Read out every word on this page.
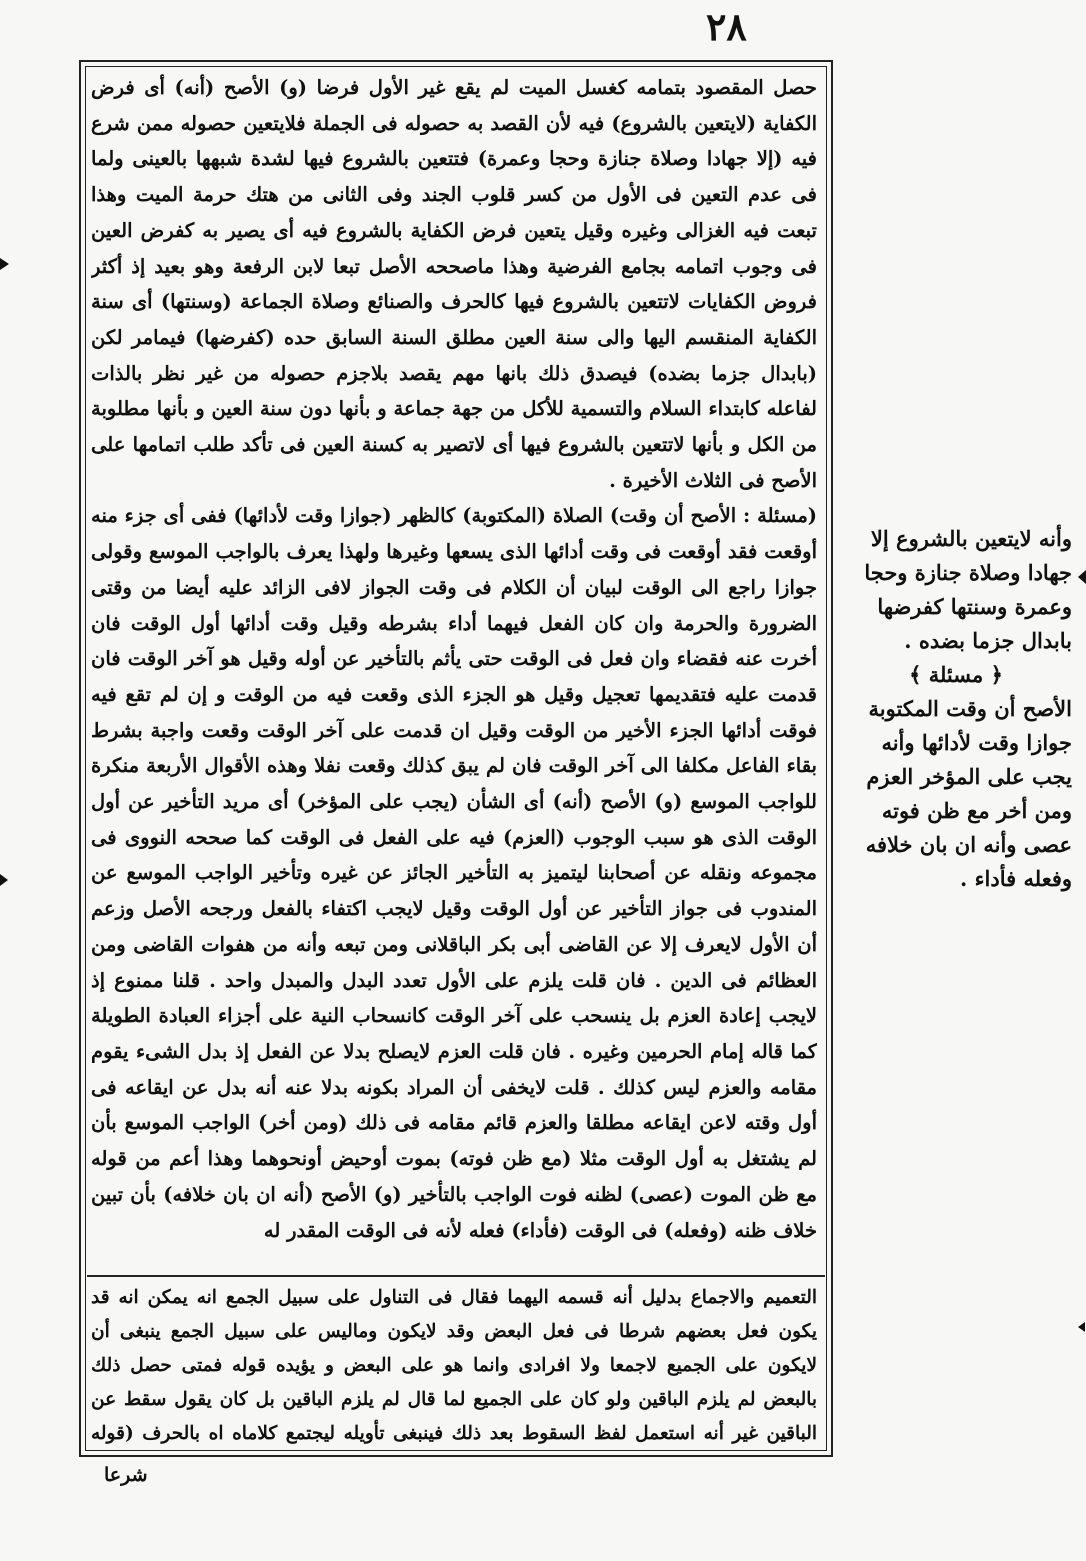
٢٨

حصل المقصود بتمامه كغسل الميت لم يقع غير الأول فرضا (و) الأصح (أنه) أى فرض الكفاية (لايتعين بالشروع) فيه لأن القصد به حصوله فى الجملة فلايتعين حصوله ممن شرع فيه (إلا جهادا وصلاة جنازة وحجا وعمرة) فتتعين بالشروع فيها لشدة شبهها بالعينى ولما فى عدم التعين فى الأول من كسر قلوب الجند وفى الثانى من هتك حرمة الميت وهذا تبعت فيه الغزالى وغيره وقيل يتعين فرض الكفاية بالشروع فيه أى يصير به كفرض العين فى وجوب اتمامه بجامع الفرضية وهذا ماصححه الأصل تبعا لابن الرفعة وهو بعيد إذ أكثر فروض الكفايات لاتتعين بالشروع فيها كالحرف والصنائع وصلاة الجماعة (وسنتها) أى سنة الكفاية المنقسم اليها والى سنة العين مطلق السنة السابق حده (كفرضها) فيمامر لكن (بابدال جزما بضده) فيصدق ذلك بانها مهم يقصد بلاجزم حصوله من غير نظر بالذات لفاعله كابتداء السلام والتسمية للأكل من جهة جماعة و بأنها دون سنة العين و بأنها مطلوبة من الكل و بأنها لاتتعين بالشروع فيها أى لاتصير به كسنة العين فى تأكد طلب اتمامها على الأصح فى الثلاث الأخيرة .

(مسئلة : الأصح أن وقت) الصلاة (المكتوبة) كالظهر (جوازا وقت لأدائها) ففى أى جزء منه أوقعت فقد أوقعت فى وقت أدائها الذى يسعها وغيرها ولهذا يعرف بالواجب الموسع وقولى جوازا راجع الى الوقت لبيان أن الكلام فى وقت الجواز لافى الزائد عليه أيضا من وقتى الضرورة والحرمة وان كان الفعل فيهما أداء بشرطه وقيل وقت أدائها أول الوقت فان أخرت عنه فقضاء وان فعل فى الوقت حتى يأثم بالتأخير عن أوله وقيل هو آخر الوقت فان قدمت عليه فتقديمها تعجيل وقيل هو الجزء الذى وقعت فيه من الوقت و إن لم تقع فيه فوقت أدائها الجزء الأخير من الوقت وقيل ان قدمت على آخر الوقت وقعت واجبة بشرط بقاء الفاعل مكلفا الى آخر الوقت فان لم يبق كذلك وقعت نفلا وهذه الأقوال الأربعة منكرة للواجب الموسع (و) الأصح (أنه) أى الشأن (يجب على المؤخر) أى مريد التأخير عن أول الوقت الذى هو سبب الوجوب (العزم) فيه على الفعل فى الوقت كما صححه النووى فى مجموعه ونقله عن أصحابنا ليتميز به التأخير الجائز عن غيره وتأخير الواجب الموسع عن المندوب فى جواز التأخير عن أول الوقت وقيل لايجب اكتفاء بالفعل ورجحه الأصل وزعم أن الأول لايعرف إلا عن القاضى أبى بكر الباقلانى ومن تبعه وأنه من هفوات القاضى ومن العظائم فى الدين . فان قلت يلزم على الأول تعدد البدل والمبدل واحد . قلنا ممنوع إذ لايجب إعادة العزم بل ينسحب على آخر الوقت كانسحاب النية على أجزاء العبادة الطويلة كما قاله إمام الحرمين وغيره . فان قلت العزم لايصلح بدلا عن الفعل إذ بدل الشىء يقوم مقامه والعزم ليس كذلك . قلت لايخفى أن المراد بكونه بدلا عنه أنه بدل عن ايقاعه فى أول وقته لاعن ايقاعه مطلقا والعزم قائم مقامه فى ذلك (ومن أخر) الواجب الموسع بأن لم يشتغل به أول الوقت مثلا (مع ظن فوته) بموت أوحيض أونحوهما وهذا أعم من قوله مع ظن الموت (عصى) لظنه فوت الواجب بالتأخير (و) الأصح (أنه ان بان خلافه) بأن تبين خلاف ظنه (وفعله) فى الوقت (فأداء) فعله لأنه فى الوقت المقدر له

التعميم والاجماع بدليل أنه قسمه اليهما فقال فى التناول على سبيل الجمع انه يمكن انه قد يكون فعل بعضهم شرطا فى فعل البعض وقد لايكون وماليس على سبيل الجمع ينبغى أن لايكون على الجميع لاجمعا ولا افرادى وانما هو على البعض و يؤيده قوله فمتى حصل ذلك بالبعض لم يلزم الباقين ولو كان على الجميع لما قال لم يلزم الباقين بل كان يقول سقط عن الباقين غير أنه استعمل لفظ السقوط بعد ذلك فينبغى تأويله ليجتمع كلاماه اه بالحرف (قوله

وأنه لايتعين بالشروع إلا جهادا وصلاة جنازة وحجا وعمرة وسنتها كفرضها بابدال جزما بضده .

﴿ مسئلة ﴾

الأصح أن وقت المكتوبة جوازا وقت لأدائها وأنه يجب على المؤخر العزم ومن أخر مع ظن فوته عصى وأنه ان بان خلافه وفعله فأداء .

شرعا
